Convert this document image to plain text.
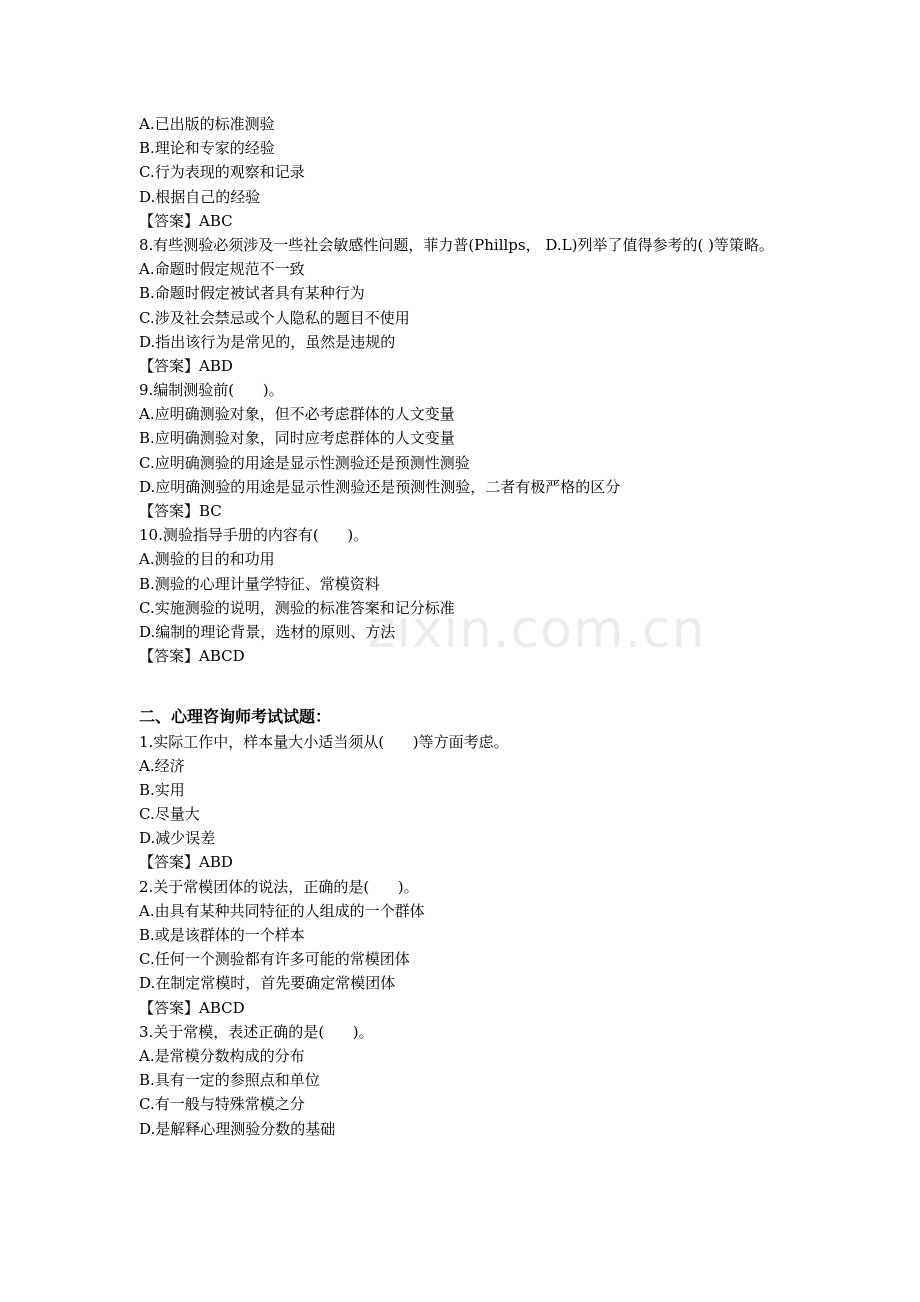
A.已出版的标准测验
B.理论和专家的经验
C.行为表现的观察和记录
D.根据自己的经验
【答案】ABC
8.有些测验必须涉及一些社会敏感性问题，菲力普(Phillps， D.L)列举了值得参考的( )等策略。
A.命题时假定规范不一致
B.命题时假定被试者具有某种行为
C.涉及社会禁忌或个人隐私的题目不使用
D.指出该行为是常见的，虽然是违规的
【答案】ABD
9.编制测验前(      )。
A.应明确测验对象，但不必考虑群体的人文变量
B.应明确测验对象，同时应考虑群体的人文变量
C.应明确测验的用途是显示性测验还是预测性测验
D.应明确测验的用途是显示性测验还是预测性测验，二者有极严格的区分
【答案】BC
10.测验指导手册的内容有(      )。
A.测验的目的和功用
B.测验的心理计量学特征、常模资料
C.实施测验的说明，测验的标准答案和记分标准
D.编制的理论背景，选材的原则、方法
【答案】ABCD
二、心理咨询师考试试题：
1.实际工作中，样本量大小适当须从(      )等方面考虑。
A.经济
B.实用
C.尽量大
D.减少误差
【答案】ABD
2.关于常模团体的说法，正确的是(      )。
A.由具有某种共同特征的人组成的一个群体
B.或是该群体的一个样本
C.任何一个测验都有许多可能的常模团体
D.在制定常模时，首先要确定常模团体
【答案】ABCD
3.关于常模，表述正确的是(      )。
A.是常模分数构成的分布
B.具有一定的参照点和单位
C.有一般与特殊常模之分
D.是解释心理测验分数的基础
zixin.com.cn
